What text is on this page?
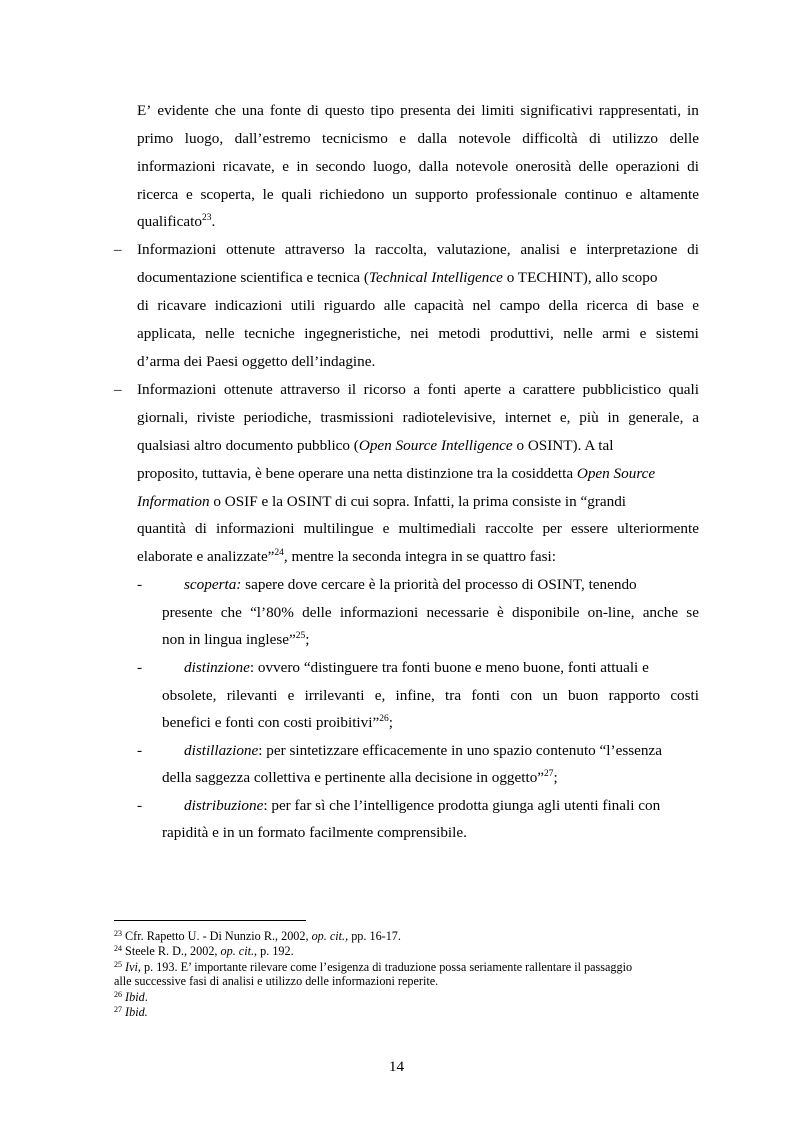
E’ evidente che una fonte di questo tipo presenta dei limiti significativi rappresentati, in
primo luogo, dall’estremo tecnicismo e dalla notevole difficoltà di utilizzo delle
informazioni ricavate, e in secondo luogo, dalla notevole onerosità delle operazioni di
ricerca e scoperta, le quali richiedono un supporto professionale continuo e altamente
qualificato$^{23}$.
– Informazioni ottenute attraverso la raccolta, valutazione, analisi e interpretazione di
documentazione scientifica e tecnica ( Technical Intelligence o TECHINT), allo scopo
di ricavare indicazioni utili riguardo alle capacità nel campo della ricerca di base e
applicata, nelle tecniche ingegneristiche, nei metodi produttivi, nelle armi e sistemi
d’arma dei Paesi oggetto dell’indagine.
– Informazioni ottenute attraverso il ricorso a fonti aperte a carattere pubblicistico quali
giornali, riviste periodiche, trasmissioni radiotelevisive, internet e, più in generale, a
qualsiasi altro documento pubblico ( Open Source Intelligence o OSINT). A tal
proposito, tuttavia, è bene operare una netta distinzione tra la cosiddetta Open Source
Information o OSIF e la OSINT di cui sopra. Infatti, la prima consiste in “grandi
quantità di informazioni multilingue e multimediali raccolte per essere ulteriormente
elaborate e analizzate”$^{24}$, mentre la seconda integra in se quattro fasi:
-	scoperta: sapere dove cercare è la priorità del processo di OSINT, tenendo
presente che “l’80% delle informazioni necessarie è disponibile on-line, anche se
non in lingua inglese”$^{25}$;
-	distinzione : ovvero “distinguere tra fonti buone e meno buone, fonti attuali e
obsolete, rilevanti e irrilevanti e, infine, tra fonti con un buon rapporto costi
benefici e fonti con costi proibitivi”$^{26}$;
-	distillazione : per sintetizzare efficacemente in uno spazio contenuto “l’essenza
della saggezza collettiva e pertinente alla decisione in oggetto”$^{27}$;
-	distribuzione : per far sì che l’intelligence prodotta giunga agli utenti finali con
rapidità e in un formato facilmente comprensibile.
$^{23}$ Cfr. Rapetto U. - Di Nunzio R., 2002, op. cit., pp. 16-17.
$^{24}$ Steele R. D., 2002, op. cit., p. 192.
$^{25}$ Ivi, p. 193. E’ importante rilevare come l’esigenza di traduzione possa seriamente rallentare il passaggio
alle successive fasi di analisi e utilizzo delle informazioni reperite.
$^{26}$ Ibid.
$^{27}$ Ibid.
14
